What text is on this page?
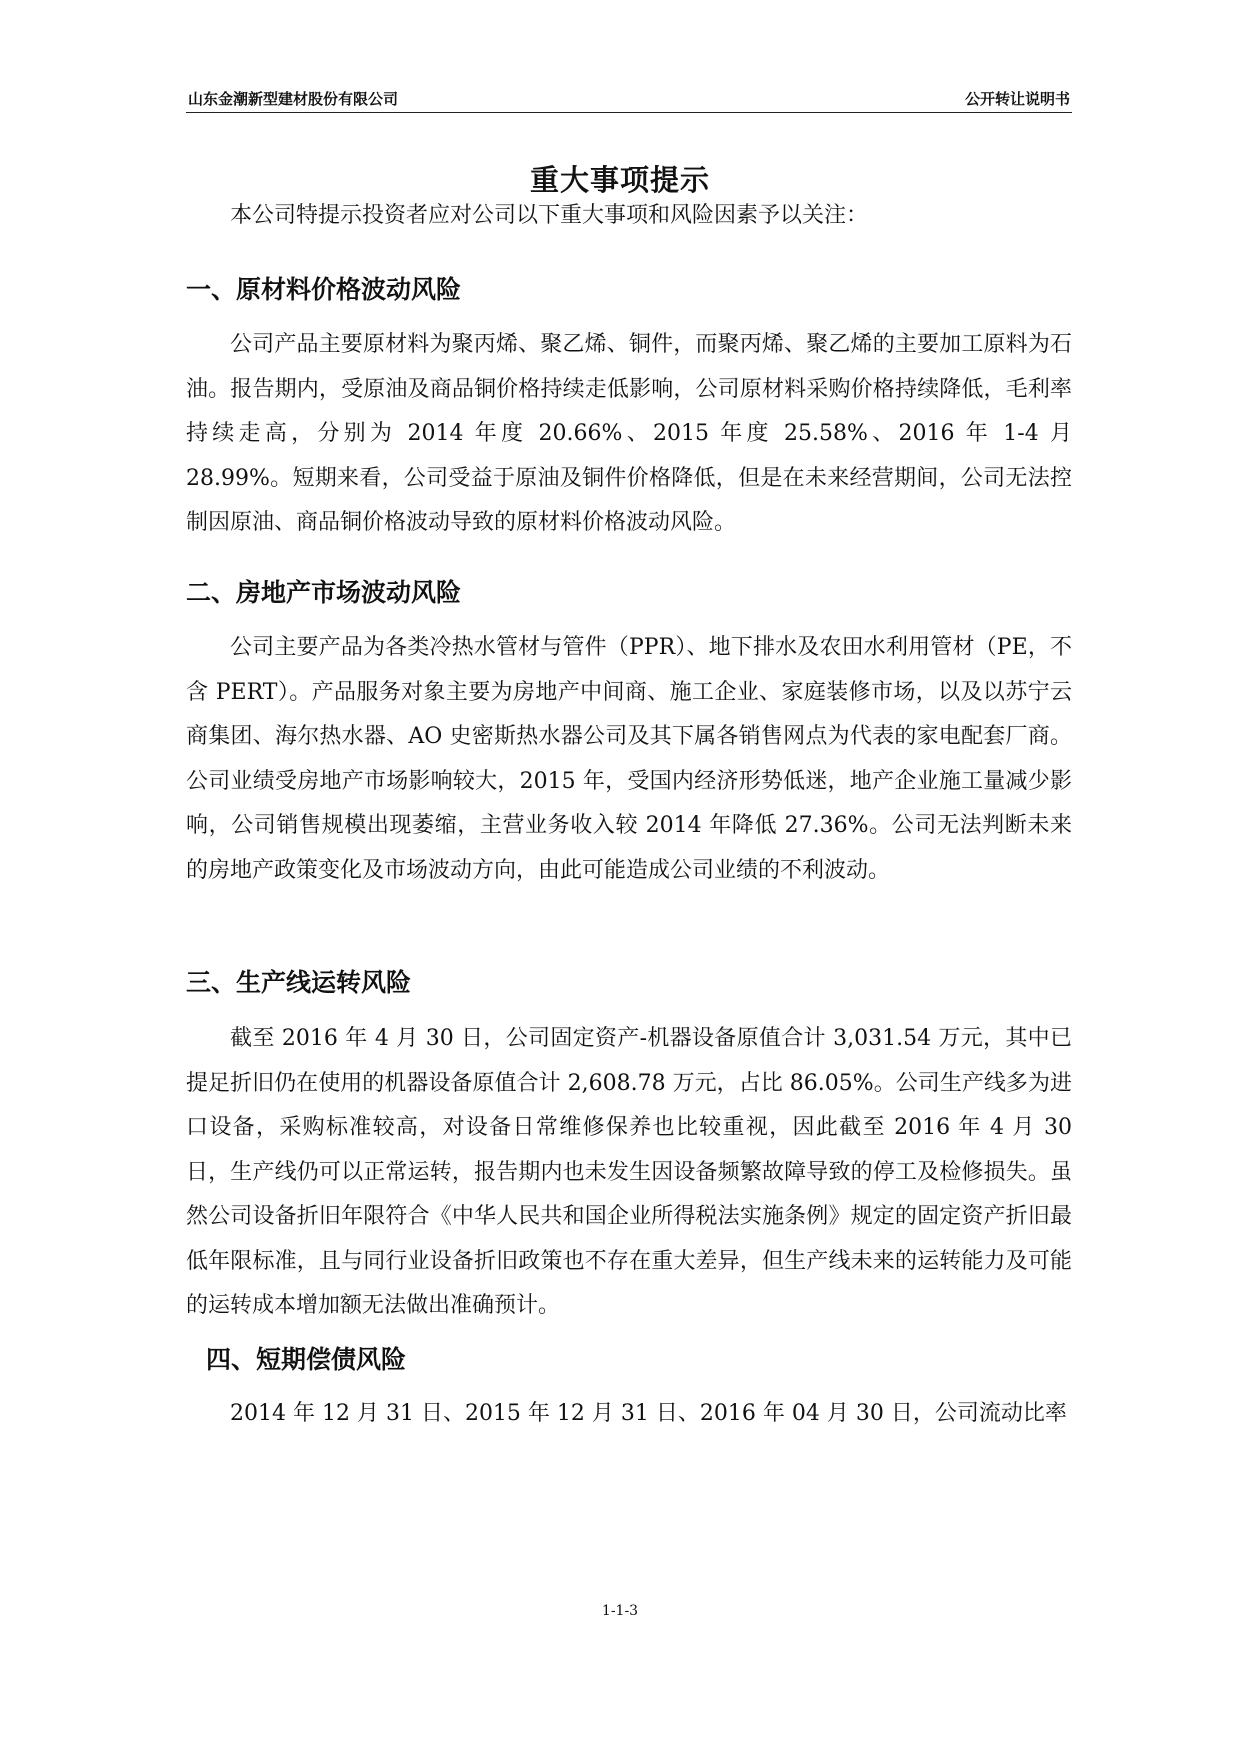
山东金潮新型建材股份有限公司	公开转让说明书
重大事项提示

本公司特提示投资者应对公司以下重大事项和风险因素予以关注：

一、原材料价格波动风险

公司产品主要原材料为聚丙烯、聚乙烯、铜件，而聚丙烯、聚乙烯的主要加工原料为石油。报告期内，受原油及商品铜价格持续走低影响，公司原材料采购价格持续降低，毛利率持续走高，分别为 2014 年度 20.66%、2015 年度 25.58%、2016 年 1-4 月 28.99%。短期来看，公司受益于原油及铜件价格降低，但是在未来经营期间，公司无法控制因原油、商品铜价格波动导致的原材料价格波动风险。

二、房地产市场波动风险

公司主要产品为各类冷热水管材与管件（PPR）、地下排水及农田水利用管材（PE，不含 PERT）。产品服务对象主要为房地产中间商、施工企业、家庭装修市场，以及以苏宁云商集团、海尔热水器、AO 史密斯热水器公司及其下属各销售网点为代表的家电配套厂商。公司业绩受房地产市场影响较大，2015 年，受国内经济形势低迷，地产企业施工量减少影响，公司销售规模出现萎缩，主营业务收入较 2014 年降低 27.36%。公司无法判断未来的房地产政策变化及市场波动方向，由此可能造成公司业绩的不利波动。

三、生产线运转风险

截至 2016 年 4 月 30 日，公司固定资产-机器设备原值合计 3,031.54 万元，其中已提足折旧仍在使用的机器设备原值合计 2,608.78 万元，占比 86.05%。公司生产线多为进口设备，采购标准较高，对设备日常维修保养也比较重视，因此截至 2016 年 4 月 30 日，生产线仍可以正常运转，报告期内也未发生因设备频繁故障导致的停工及检修损失。虽然公司设备折旧年限符合《中华人民共和国企业所得税法实施条例》规定的固定资产折旧最低年限标准，且与同行业设备折旧政策也不存在重大差异，但生产线未来的运转能力及可能的运转成本增加额无法做出准确预计。

四、短期偿债风险

2014 年 12 月 31 日、2015 年 12 月 31 日、2016 年 04 月 30 日，公司流动比率

1-1-3
